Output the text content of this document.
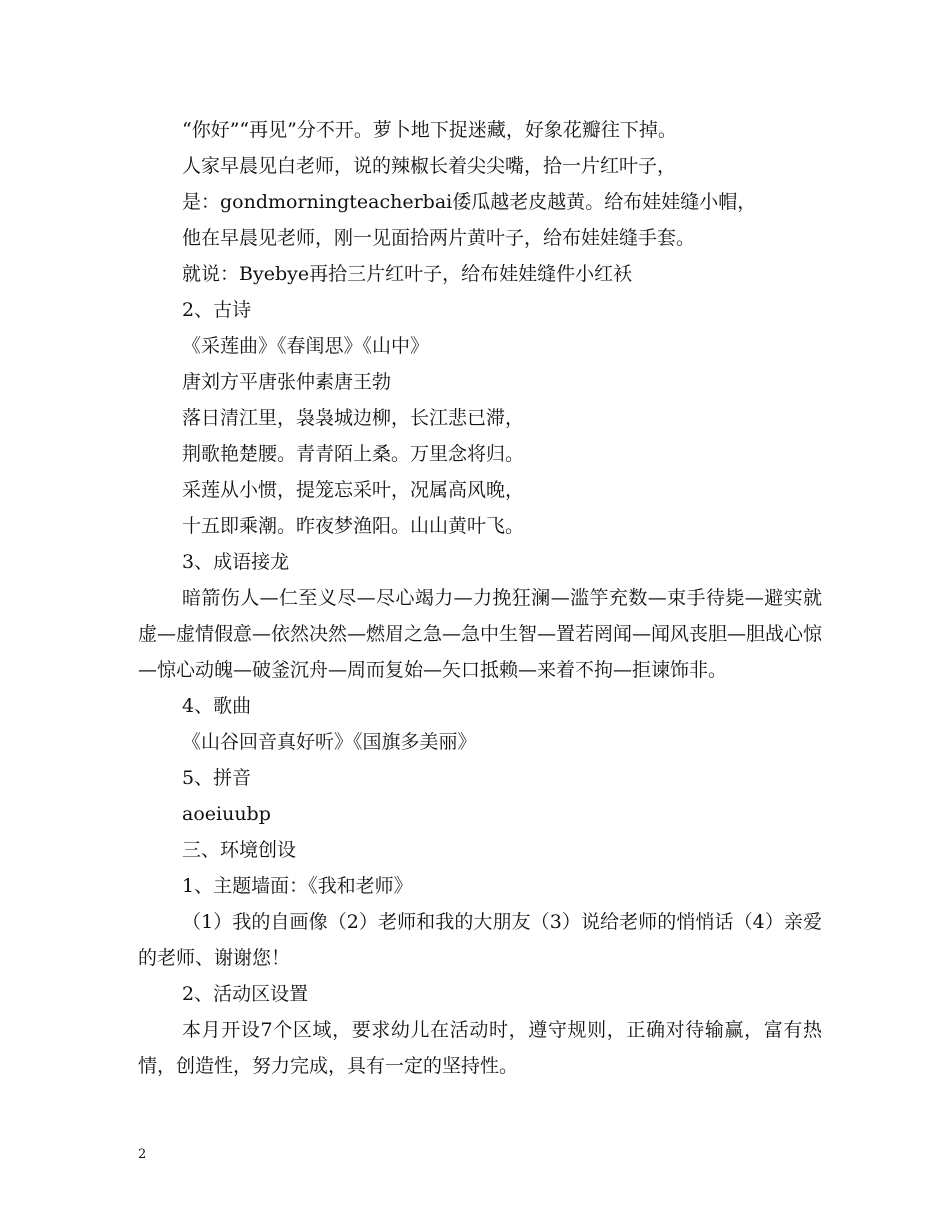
“你好”“再见”分不开。萝卜地下捉迷藏，好象花瓣往下掉。

人家早晨见白老师，说的辣椒长着尖尖嘴，拾一片红叶子，

是：gondmorningteacherbai倭瓜越老皮越黄。给布娃娃缝小帽，

他在早晨见老师，刚一见面拾两片黄叶子，给布娃娃缝手套。

就说：Byebye再拾三片红叶子，给布娃娃缝件小红袄

2、古诗

《采莲曲》《春闺思》《山中》

唐刘方平唐张仲素唐王勃

落日清江里，袅袅城边柳，长江悲已滞，

荆歌艳楚腰。青青陌上桑。万里念将归。

采莲从小惯，提笼忘采叶，况属高风晚，

十五即乘潮。昨夜梦渔阳。山山黄叶飞。

3、成语接龙

暗箭伤人—仁至义尽—尽心竭力—力挽狂澜—滥竽充数—束手待毙—避实就虚—虚情假意—依然决然—燃眉之急—急中生智—置若罔闻—闻风丧胆—胆战心惊—惊心动魄—破釜沉舟—周而复始—矢口抵赖—来着不拘—拒谏饰非。

4、歌曲

《山谷回音真好听》《国旗多美丽》

5、拼音

aoeiuubp

三、环境创设

1、主题墙面：《我和老师》

（1）我的自画像（2）老师和我的大朋友（3）说给老师的悄悄话（4）亲爱的老师、谢谢您！

2、活动区设置

本月开设7个区域，要求幼儿在活动时，遵守规则，正确对待输赢，富有热情，创造性，努力完成，具有一定的坚持性。

2
